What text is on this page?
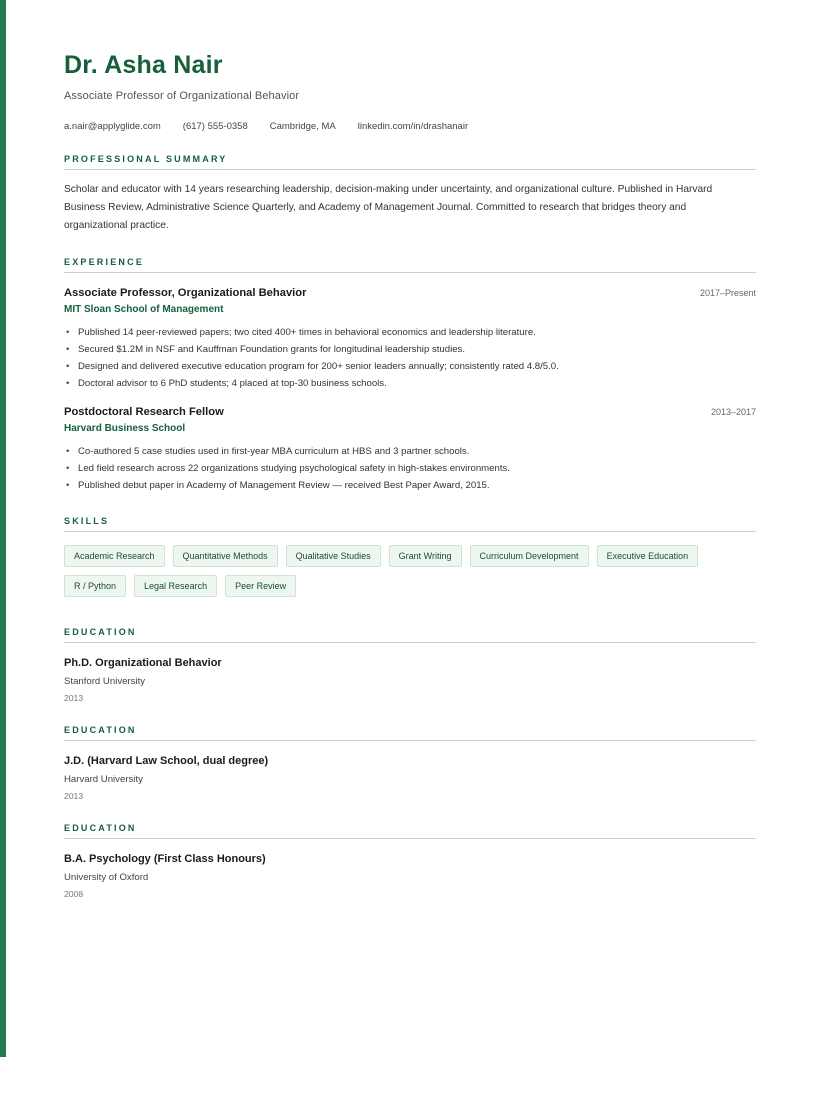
Dr. Asha Nair
Associate Professor of Organizational Behavior
a.nair@applyglide.com (617) 555-0358 Cambridge, MA linkedin.com/in/drashanair
PROFESSIONAL SUMMARY
Scholar and educator with 14 years researching leadership, decision-making under uncertainty, and organizational culture. Published in Harvard Business Review, Administrative Science Quarterly, and Academy of Management Journal. Committed to research that bridges theory and organizational practice.
EXPERIENCE
Associate Professor, Organizational Behavior	2017–Present
MIT Sloan School of Management
• Published 14 peer-reviewed papers; two cited 400+ times in behavioral economics and leadership literature.
• Secured $1.2M in NSF and Kauffman Foundation grants for longitudinal leadership studies.
• Designed and delivered executive education program for 200+ senior leaders annually; consistently rated 4.8/5.0.
• Doctoral advisor to 6 PhD students; 4 placed at top-30 business schools.
Postdoctoral Research Fellow	2013–2017
Harvard Business School
• Co-authored 5 case studies used in first-year MBA curriculum at HBS and 3 partner schools.
• Led field research across 22 organizations studying psychological safety in high-stakes environments.
• Published debut paper in Academy of Management Review — received Best Paper Award, 2015.
SKILLS
Academic Research	Quantitative Methods	Qualitative Studies	Grant Writing	Curriculum Development	Executive Education
R / Python	Legal Research	Peer Review
EDUCATION
Ph.D. Organizational Behavior
Stanford University
2013
EDUCATION
J.D. (Harvard Law School, dual degree)
Harvard University
2013
EDUCATION
B.A. Psychology (First Class Honours)
University of Oxford
2008
